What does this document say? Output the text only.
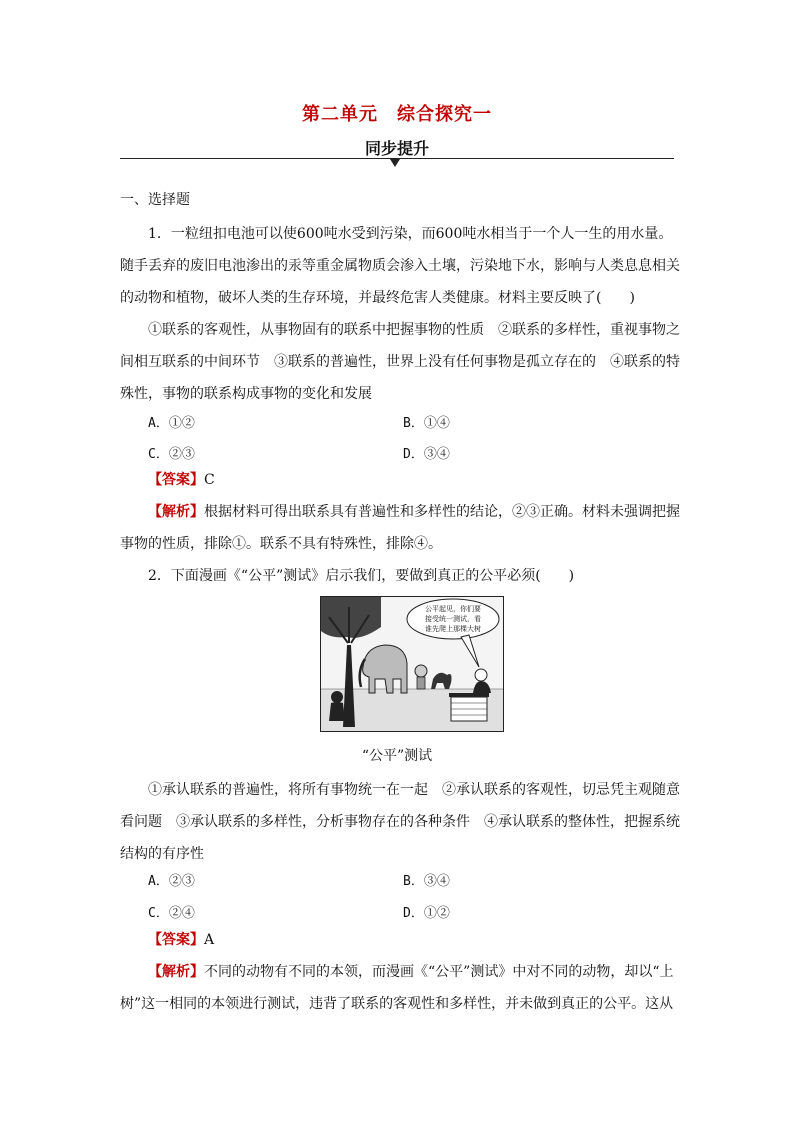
第二单元　综合探究一
同步提升
一、选择题
1．一粒纽扣电池可以使600吨水受到污染，而600吨水相当于一个人一生的用水量。
随手丢弃的废旧电池渗出的汞等重金属物质会渗入土壤，污染地下水，影响与人类息息相关
的动物和植物，破坏人类的生存环境，并最终危害人类健康。材料主要反映了(　　)
①联系的客观性，从事物固有的联系中把握事物的性质　②联系的多样性，重视事物之
间相互联系的中间环节　③联系的普遍性，世界上没有任何事物是孤立存在的　④联系的特
殊性，事物的联系构成事物的变化和发展
A．①②	B．①④
C．②③	D．③④
【答案】C
【解析】根据材料可得出联系具有普遍性和多样性的结论，②③正确。材料未强调把握
事物的性质，排除①。联系不具有特殊性，排除④。
2．下面漫画《“公平”测试》启示我们，要做到真正的公平必须(　　)
公平起见，你们要
接受统一测试，看
谁先爬上那棵大树
“公平”测试
①承认联系的普遍性，将所有事物统一在一起　②承认联系的客观性，切忌凭主观随意
看问题　③承认联系的多样性，分析事物存在的各种条件　④承认联系的整体性，把握系统
结构的有序性
A．②③	B．③④
C．②④	D．①②
【答案】A
【解析】不同的动物有不同的本领，而漫画《“公平”测试》中对不同的动物，却以“上
树”这一相同的本领进行测试，违背了联系的客观性和多样性，并未做到真正的公平。这从
